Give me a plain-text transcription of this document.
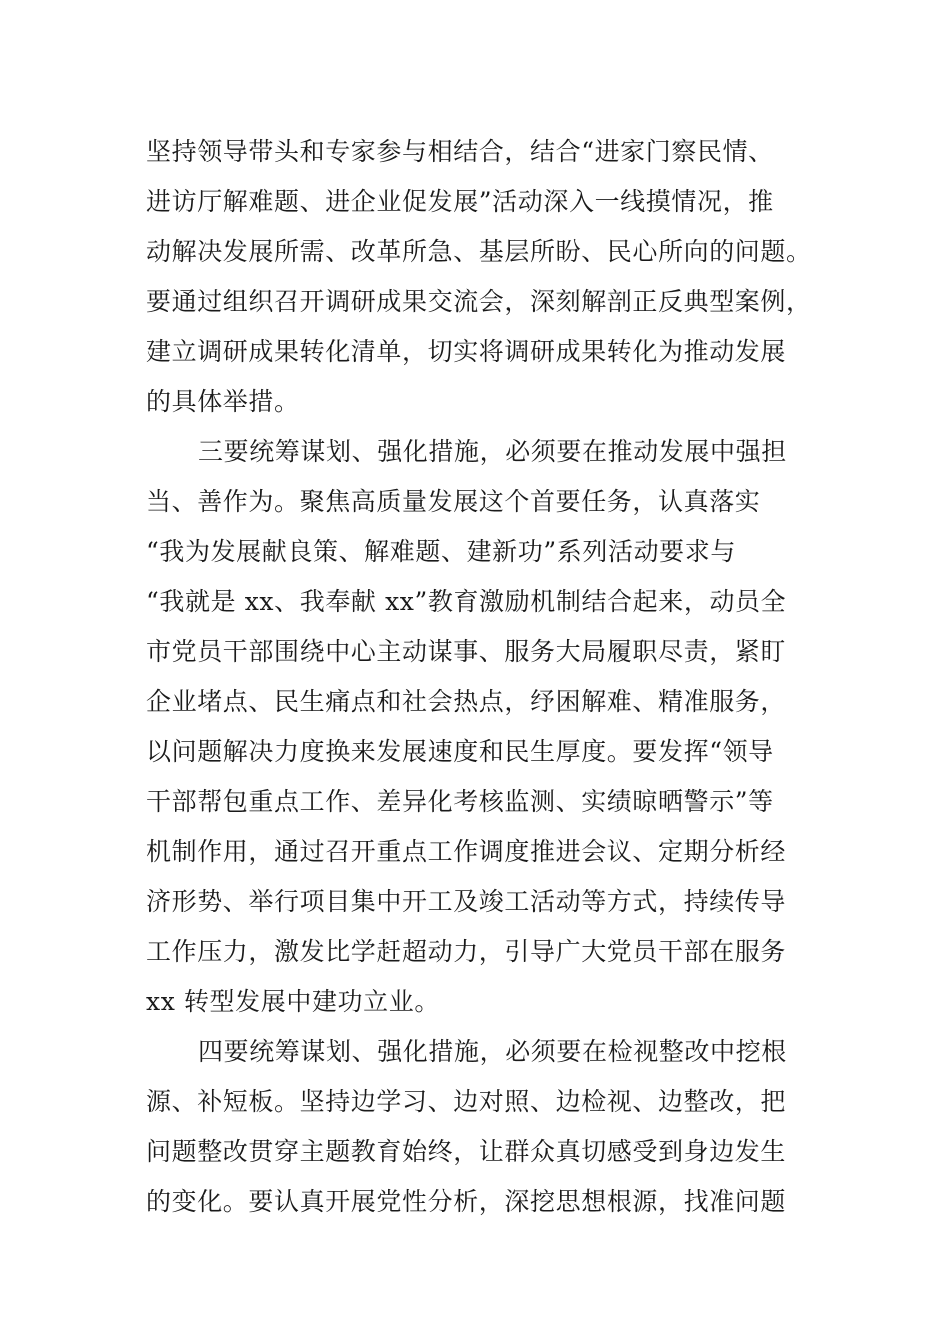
坚持领导带头和专家参与相结合，结合“进家门察民情、
进访厅解难题、进企业促发展”活动深入一线摸情况，推
动解决发展所需、改革所急、基层所盼、民心所向的问题。
要通过组织召开调研成果交流会，深刻解剖正反典型案例，
建立调研成果转化清单，切实将调研成果转化为推动发展
的具体举措。
三要统筹谋划、强化措施，必须要在推动发展中强担
当、善作为。聚焦高质量发展这个首要任务，认真落实
“我为发展献良策、解难题、建新功”系列活动要求与
“我就是 xx、我奉献 xx”教育激励机制结合起来，动员全
市党员干部围绕中心主动谋事、服务大局履职尽责，紧盯
企业堵点、民生痛点和社会热点，纾困解难、精准服务，
以问题解决力度换来发展速度和民生厚度。要发挥“领导
干部帮包重点工作、差异化考核监测、实绩晾晒警示”等
机制作用，通过召开重点工作调度推进会议、定期分析经
济形势、举行项目集中开工及竣工活动等方式，持续传导
工作压力，激发比学赶超动力，引导广大党员干部在服务
xx 转型发展中建功立业。
四要统筹谋划、强化措施，必须要在检视整改中挖根
源、补短板。坚持边学习、边对照、边检视、边整改，把
问题整改贯穿主题教育始终，让群众真切感受到身边发生
的变化。要认真开展党性分析，深挖思想根源，找准问题
